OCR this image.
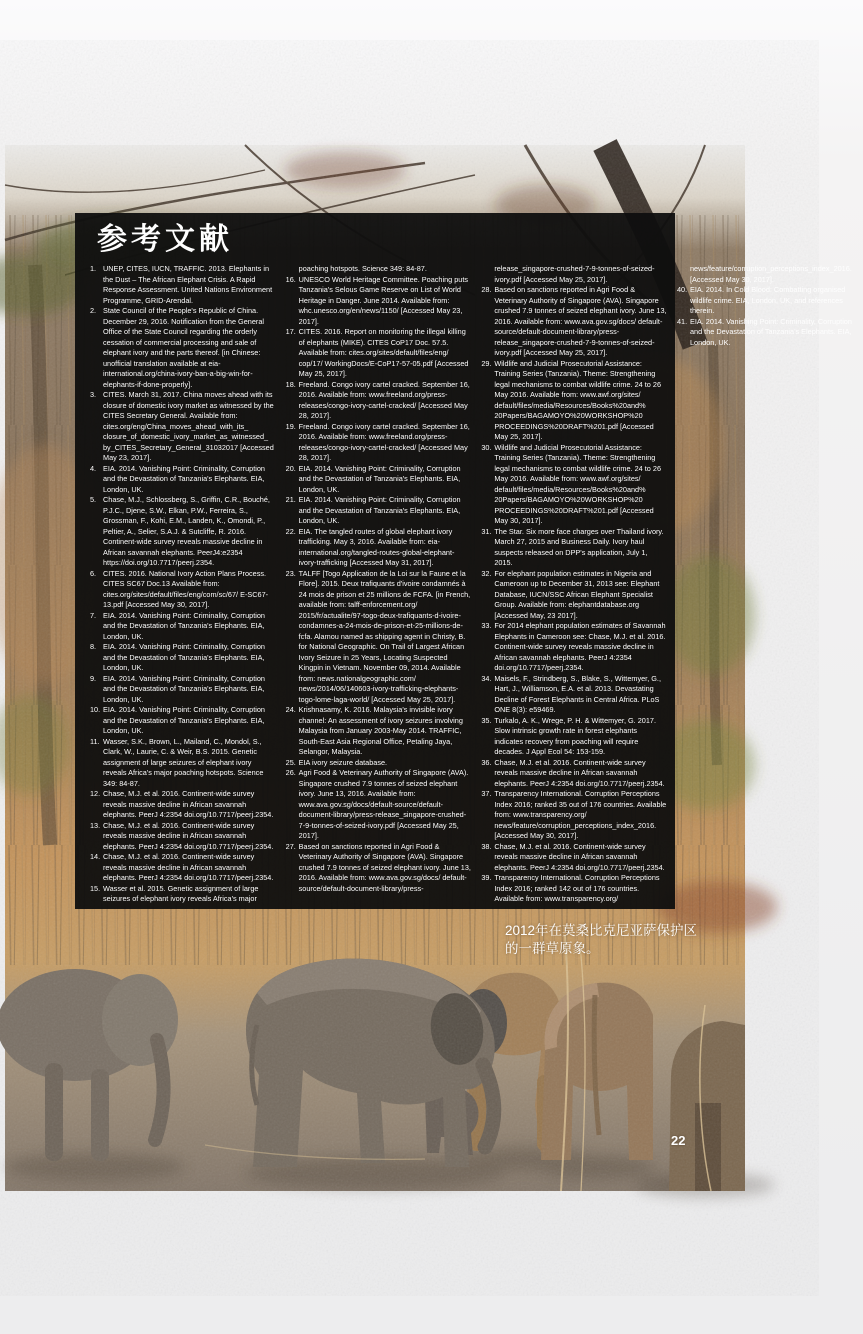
参考文献
1. UNEP, CITES, IUCN, TRAFFIC. 2013. Elephants in the Dust – The African Elephant Crisis. A Rapid Response Assessment. United Nations Environment Programme, GRID-Arendal.
2. State Council of the People's Republic of China. December 29, 2016. Notification from the General Office of the State Council regarding the orderly cessation of commercial processing and sale of elephant ivory and the parts thereof. [in Chinese: unofficial translation available at eia-international.org/china-ivory-ban-a-big-win-for-elephants-if-done-properly].
3. CITES. March 31, 2017. China moves ahead with its closure of domestic ivory market as witnessed by the CITES Secretary General. Available from: cites.org/eng/China_moves_ahead_with_its_ closure_of_domestic_ivory_market_as_witnessed_ by_CITES_Secretary_General_31032017 [Accessed May 23, 2017].
4. EIA. 2014. Vanishing Point: Criminality, Corruption and the Devastation of Tanzania's Elephants. EIA, London, UK.
5. Chase, M.J., Schlossberg, S., Griffin, C.R., Bouché, P.J.C., Djene, S.W., Elkan, P.W., Ferreira, S., Grossman, F., Kohi, E.M., Landen, K., Omondi, P., Peltier, A., Selier, S.A.J. & Sutcliffe, R. 2016. Continent-wide survey reveals massive decline in African savannah elephants. PeerJ4:e2354 https://doi.org/10.7717/peerj.2354.
6. CITES. 2016. National Ivory Action Plans Process. CITES SC67 Doc.13 Available from: cites.org/sites/default/files/eng/com/sc/67/ E-SC67-13.pdf [Accessed May 30, 2017].
7. EIA. 2014. Vanishing Point: Criminality, Corruption and the Devastation of Tanzania's Elephants. EIA, London, UK.
8. EIA. 2014. Vanishing Point: Criminality, Corruption and the Devastation of Tanzania's Elephants. EIA, London, UK.
9. EIA. 2014. Vanishing Point: Criminality, Corruption and the Devastation of Tanzania's Elephants. EIA, London, UK.
10. EIA. 2014. Vanishing Point: Criminality, Corruption and the Devastation of Tanzania's Elephants. EIA, London, UK.
11. Wasser, S.K., Brown, L., Mailand, C., Mondol, S., Clark, W., Laurie, C. & Weir, B.S. 2015. Genetic assignment of large seizures of elephant ivory reveals Africa's major poaching hotspots. Science 349: 84-87.
12. Chase, M.J. et al. 2016. Continent-wide survey reveals massive decline in African savannah elephants. PeerJ 4:2354 doi.org/10.7717/peerj.2354.
13. Chase, M.J. et al. 2016. Continent-wide survey reveals massive decline in African savannah elephants. PeerJ 4:2354 doi.org/10.7717/peerj.2354.
14. Chase, M.J. et al. 2016. Continent-wide survey reveals massive decline in African savannah elephants. PeerJ 4:2354 doi.org/10.7717/peerj.2354.
15. Wasser et al. 2015. Genetic assignment of large seizures of elephant ivory reveals Africa's major poaching hotspots. Science 349: 84-87.
16. UNESCO World Heritage Committee. Poaching puts Tanzania's Selous Game Reserve on List of World Heritage in Danger. June 2014. Available from: whc.unesco.org/en/news/1150/ [Accessed May 23, 2017].
17. CITES. 2016. Report on monitoring the illegal killing of elephants (MIKE). CITES CoP17 Doc. 57.5. Available from: cites.org/sites/default/files/eng/ cop/17/ WorkingDocs/E-CoP17-57-05.pdf [Accessed May 25, 2017].
18. Freeland. Congo ivory cartel cracked. September 16, 2016. Available from: www.freeland.org/press-releases/congo-ivory-cartel-cracked/ [Accessed May 28, 2017].
19. Freeland. Congo ivory cartel cracked. September 16, 2016. Available from: www.freeland.org/press-releases/congo-ivory-cartel-cracked/ [Accessed May 28, 2017].
20. EIA. 2014. Vanishing Point: Criminality, Corruption and the Devastation of Tanzania's Elephants. EIA, London, UK.
21. EIA. 2014. Vanishing Point: Criminality, Corruption and the Devastation of Tanzania's Elephants. EIA, London, UK.
22. EIA. The tangled routes of global elephant ivory trafficking. May 3, 2016. Available from: eia-international.org/tangled-routes-global-elephant-ivory-trafficking [Accessed May 31, 2017].
23. TALFF [Togo Application de la Loi sur la Faune et la Flore]. 2015. Deux trafiquants d'ivoire condamnés à 24 mois de prison et 25 millions de FCFA. [in French, available from: talff-enforcement.org/ 2015/fr/actualite/97-togo-deux-trafiquants-d-ivoire-condamnes-a-24-mois-de-prison-et-25-millions-de-fcfa. Alamou named as shipping agent in Christy, B. for National Geographic. On Trail of Largest African Ivory Seizure in 25 Years, Locating Suspected Kingpin in Vietnam. November 09, 2014. Available from: news.nationalgeographic.com/ news/2014/06/140603-ivory-trafficking-elephants-togo-lome-laga-world/ [Accessed May 25, 2017].
24. Krishnasamy, K. 2016. Malaysia's invisible ivory channel: An assessment of ivory seizures involving Malaysia from January 2003-May 2014. TRAFFIC, South-East Asia Regional Office, Petaling Jaya, Selangor, Malaysia.
25. EIA ivory seizure database.
26. Agri Food & Veterinary Authority of Singapore (AVA). Singapore crushed 7.9 tonnes of seized elephant ivory. June 13, 2016. Available from: www.ava.gov.sg/docs/default-source/default-document-library/press-release_singapore-crushed-7-9-tonnes-of-seized-ivory.pdf [Accessed May 25, 2017].
27. Based on sanctions reported in Agri Food & Veterinary Authority of Singapore (AVA). Singapore crushed 7.9 tonnes of seized elephant ivory. June 13, 2016. Available from: www.ava.gov.sg/docs/ default-source/default-document-library/press-release_singapore-crushed-7-9-tonnes-of-seized-ivory.pdf [Accessed May 25, 2017].
28. Based on sanctions reported in Agri Food & Veterinary Authority of Singapore (AVA). Singapore crushed 7.9 tonnes of seized elephant ivory. June 13, 2016. Available from: www.ava.gov.sg/docs/ default-source/default-document-library/press-release_singapore-crushed-7-9-tonnes-of-seized-ivory.pdf [Accessed May 25, 2017].
29. Wildlife and Judicial Prosecutorial Assistance: Training Series (Tanzania). Theme: Strengthening legal mechanisms to combat wildlife crime. 24 to 26 May 2016. Available from: www.awf.org/sites/ default/files/media/Resources/Books%20and% 20Papers/BAGAMOYO%20WORKSHOP%20 PROCEEDINGS%20DRAFT%201.pdf [Accessed May 25, 2017].
30. Wildlife and Judicial Prosecutorial Assistance: Training Series (Tanzania). Theme: Strengthening legal mechanisms to combat wildlife crime. 24 to 26 May 2016. Available from: www.awf.org/sites/ default/files/media/Resources/Books%20and% 20Papers/BAGAMOYO%20WORKSHOP%20 PROCEEDINGS%20DRAFT%201.pdf [Accessed May 30, 2017].
31. The Star. Six more face charges over Thailand ivory. March 27, 2015 and Business Daily. Ivory haul suspects released on DPP's application, July 1, 2015.
32. For elephant population estimates in Nigeria and Cameroon up to December 31, 2013 see: Elephant Database, IUCN/SSC African Elephant Specialist Group. Available from: elephantdatabase.org [Accessed May, 23 2017].
33. For 2014 elephant population estimates of Savannah Elephants in Cameroon see: Chase, M.J. et al. 2016. Continent-wide survey reveals massive decline in African savannah elephants. PeerJ 4:2354 doi.org/10.7717/peerj.2354.
34. Maisels, F., Strindberg, S., Blake, S., Wittemyer, G., Hart, J., Williamson, E.A. et al. 2013. Devastating Decline of Forest Elephants in Central Africa. PLoS ONE 8(3): e59469.
35. Turkalo, A. K., Wrege, P. H. & Wittemyer, G. 2017. Slow intrinsic growth rate in forest elephants indicates recovery from poaching will require decades. J Appl Ecol 54: 153-159.
36. Chase, M.J. et al. 2016. Continent-wide survey reveals massive decline in African savannah elephants. PeerJ 4:2354 doi.org/10.7717/peerj.2354.
37. Transparency International. Corruption Perceptions Index 2016; ranked 35 out of 176 countries. Available from: www.transparency.org/ news/feature/corruption_perceptions_index_2016. [Accessed May 30, 2017].
38. Chase, M.J. et al. 2016. Continent-wide survey reveals massive decline in African savannah elephants. PeerJ 4:2354 doi.org/10.7717/peerj.2354.
39. Transparency International. Corruption Perceptions Index 2016; ranked 142 out of 176 countries. Available from: www.transparency.org/ news/feature/corruption_perceptions_index_2016. [Accessed May 30, 2017].
40. EIA. 2014. In Cold Blood: Combatting organised wildlife crime. EIA, London, UK, and references therein.
41. EIA. 2014. Vanishing Point: Criminality, Corruption and the Devastation of Tanzania's Elephants. EIA, London, UK.
2012年在莫桑比克尼亚萨保护区
的一群草原象。
22
